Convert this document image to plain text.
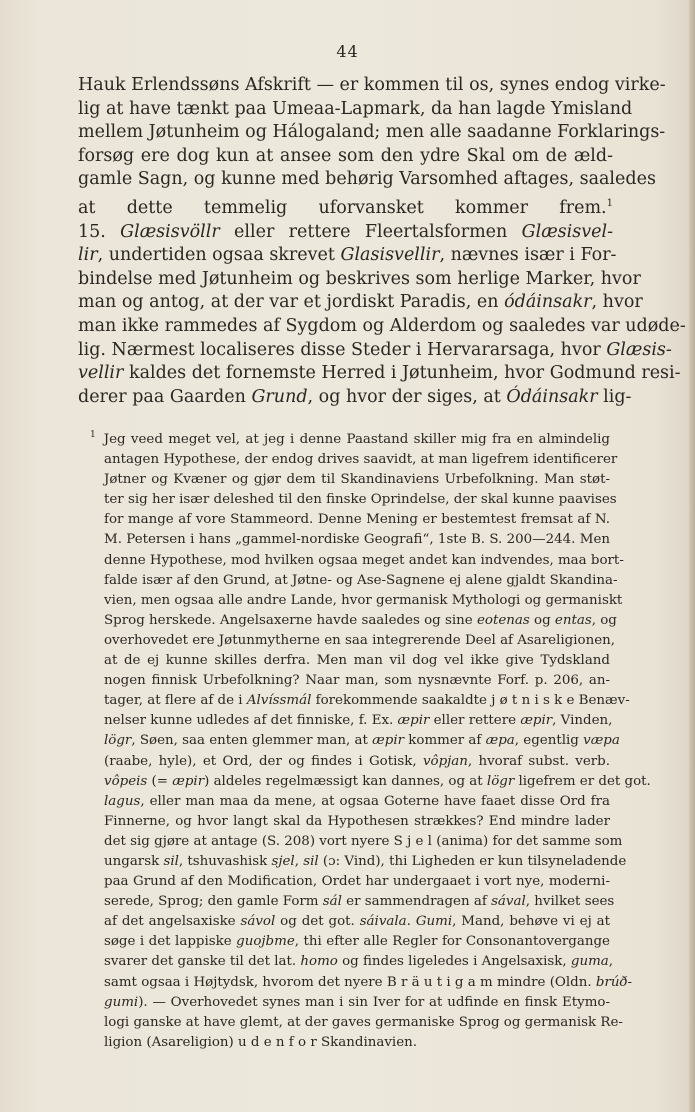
44
Hauk Erlendssøns Afskrift — er kommen til os, synes endog virke-
lig at have tænkt paa Umeaa-Lapmark, da han lagde Ymisland
mellem Jøtunheim og Hálogaland; men alle saadanne Forklarings-
forsøg ere dog kun at ansee som den ydre Skal om de æld-
gamle Sagn, og kunne med behørig Varsomhed aftages, saaledes
at dette temmelig uforvansket kommer frem.$^1$
15. Glæsisvöllr eller rettere Fleertalsformen Glæsisvel-
lir, undertiden ogsaa skrevet Glasisvellir, nævnes især i For-
bindelse med Jøtunheim og beskrives som herlige Marker, hvor
man og antog, at der var et jordiskt Paradis, en ódáinsakr, hvor
man ikke rammedes af Sygdom og Alderdom og saaledes var udøde-
lig. Nærmest localiseres disse Steder i Hervararsaga, hvor Glæsis-
vellir kaldes det fornemste Herred i Jøtunheim, hvor Godmund resi-
derer paa Gaarden Grund, og hvor der siges, at Ódáinsakr lig-
$^1$ Jeg veed meget vel, at jeg i denne Paastand skiller mig fra en almindelig
antagen Hypothese, der endog drives saavidt, at man ligefrem identificerer
Jøtner og Kvæner og gjør dem til Skandinaviens Urbefolkning. Man støt-
ter sig her især deleshed til den finske Oprindelse, der skal kunne paavises
for mange af vore Stammeord. Denne Mening er bestemtest fremsat af N.
M. Petersen i hans „gammel-nordiske Geografi“, 1ste B. S. 200—244. Men
denne Hypothese, mod hvilken ogsaa meget andet kan indvendes, maa bort-
falde især af den Grund, at Jøtne- og Ase-Sagnene ej alene gjaldt Skandina-
vien, men ogsaa alle andre Lande, hvor germanisk Mythologi og germaniskt
Sprog herskede. Angelsaxerne havde saaledes og sine eotenas og entas, og
overhovedet ere Jøtunmytherne en saa integrerende Deel af Asareligionen,
at de ej kunne skilles derfra. Men man vil dog vel ikke give Tydskland
nogen finnisk Urbefolkning? Naar man, som nysnævnte Forf. p. 206, an-
tager, at flere af de i Alvíssmál forekommende saakaldte j ø t n i s k e Benæv-
nelser kunne udledes af det finniske, f. Ex. æpir eller rettere æpir, Vinden,
lögr, Søen, saa enten glemmer man, at æpir kommer af æpa, egentlig væpa
(raabe, hyle), et Ord, der og findes i Gotisk, vôpjan, hvoraf subst. verb.
vôpeis (= æpir) aldeles regelmæssigt kan dannes, og at lögr ligefrem er det got.
lagus, eller man maa da mene, at ogsaa Goterne have faaet disse Ord fra
Finnerne, og hvor langt skal da Hypothesen strækkes? End mindre lader
det sig gjøre at antage (S. 208) vort nyere S j e l (anima) for det samme som
ungarsk sil, tshuvashisk sjel, sil (ɔ: Vind), thi Ligheden er kun tilsyneladende
paa Grund af den Modification, Ordet har undergaaet i vort nye, moderni-
serede, Sprog; den gamle Form sál er sammendragen af sával, hvilket sees
af det angelsaxiske sávol og det got. sáivala. Gumi, Mand, behøve vi ej at
søge i det lappiske guojbme, thi efter alle Regler for Consonantovergange
svarer det ganske til det lat. homo og findes ligeledes i Angelsaxisk, guma,
samt ogsaa i Højtydsk, hvorom det nyere B r ä u t i g a m mindre (Oldn. brúð-
gumi). — Overhovedet synes man i sin Iver for at udfinde en finsk Etymo-
logi ganske at have glemt, at der gaves germaniske Sprog og germanisk Re-
ligion (Asareligion) u d e n f o r Skandinavien.
